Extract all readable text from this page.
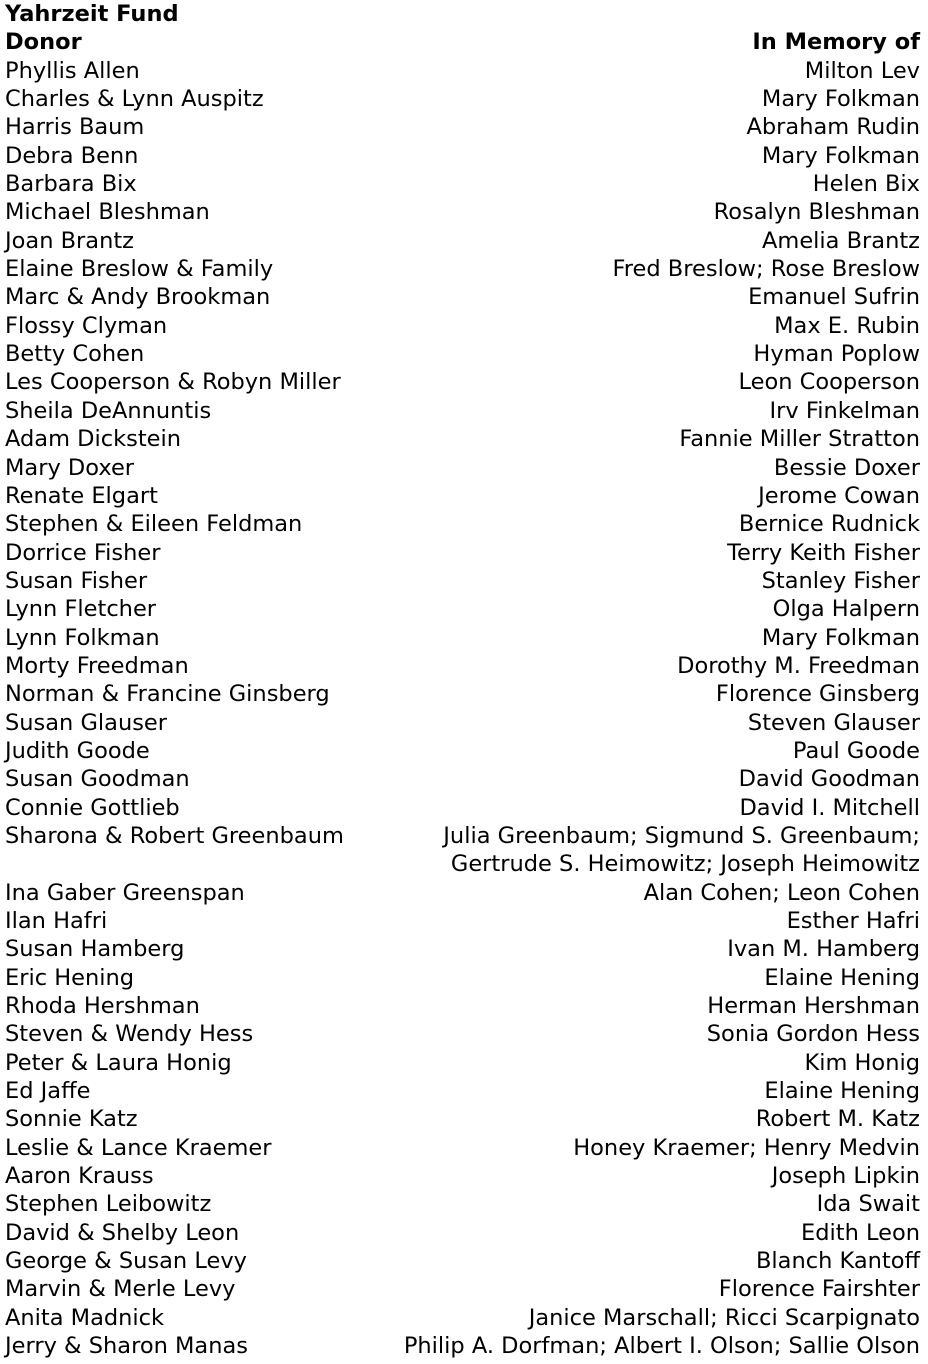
Yahrzeit Fund
Donor	In Memory of
Phyllis Allen	Milton Lev
Charles & Lynn Auspitz	Mary Folkman
Harris Baum	Abraham Rudin
Debra Benn	Mary Folkman
Barbara Bix	Helen Bix
Michael Bleshman	Rosalyn Bleshman
Joan Brantz	Amelia Brantz
Elaine Breslow & Family	Fred Breslow; Rose Breslow
Marc & Andy Brookman	Emanuel Sufrin
Flossy Clyman	Max E. Rubin
Betty Cohen	Hyman Poplow
Les Cooperson & Robyn Miller	Leon Cooperson
Sheila DeAnnuntis	Irv Finkelman
Adam Dickstein	Fannie Miller Stratton
Mary Doxer	Bessie Doxer
Renate Elgart	Jerome Cowan
Stephen & Eileen Feldman	Bernice Rudnick
Dorrice Fisher	Terry Keith Fisher
Susan Fisher	Stanley Fisher
Lynn Fletcher	Olga Halpern
Lynn Folkman	Mary Folkman
Morty Freedman	Dorothy M. Freedman
Norman & Francine Ginsberg	Florence Ginsberg
Susan Glauser	Steven Glauser
Judith Goode	Paul Goode
Susan Goodman	David Goodman
Connie Gottlieb	David I. Mitchell
Sharona & Robert Greenbaum	Julia Greenbaum; Sigmund S. Greenbaum;
Gertrude S. Heimowitz; Joseph Heimowitz
Ina Gaber Greenspan	Alan Cohen; Leon Cohen
Ilan Hafri	Esther Hafri
Susan Hamberg	Ivan M. Hamberg
Eric Hening	Elaine Hening
Rhoda Hershman	Herman Hershman
Steven & Wendy Hess	Sonia Gordon Hess
Peter & Laura Honig	Kim Honig
Ed Jaffe	Elaine Hening
Sonnie Katz	Robert M. Katz
Leslie & Lance Kraemer	Honey Kraemer; Henry Medvin
Aaron Krauss	Joseph Lipkin
Stephen Leibowitz	Ida Swait
David & Shelby Leon	Edith Leon
George & Susan Levy	Blanch Kantoff
Marvin & Merle Levy	Florence Fairshter
Anita Madnick	Janice Marschall; Ricci Scarpignato
Jerry & Sharon Manas	Philip A. Dorfman; Albert I. Olson; Sallie Olson
